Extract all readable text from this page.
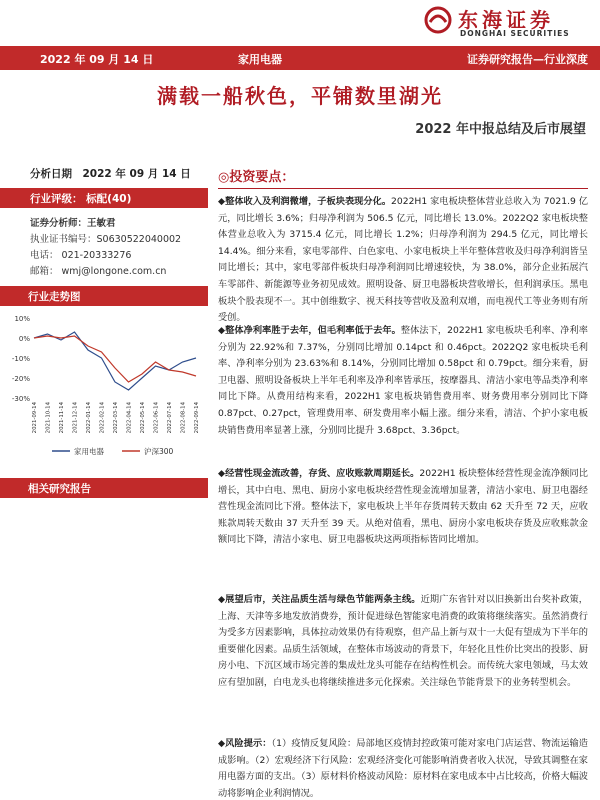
东海证券
DONGHAI SECURITIES
2022 年 09 月 14 日	家用电器	证券研究报告—行业深度
满载一船秋色，平铺数里湖光
2022 年中报总结及后市展望
分析日期　2022 年 09 月 14 日
行业评级： 标配(40)
证券分析师：王敏君
执业证书编号：S0630522040002
电话： 021-20333276
邮箱： wmj@longone.com.cn
行业走势图
10%
0%
-10%
-20%
-30%
2021-09-14 2021-10-14 2021-11-14 2021-12-14 2022-01-14 2022-02-14 2022-03-14 2022-04-14 2022-05-14 2022-06-14 2022-07-14 2022-08-14 2022-09-14
家用电器	沪深300
相关研究报告
◎投资要点：
◆整体收入及利润微增，子板块表现分化。2022H1 家电板块整体营业总收入为 7021.9 亿元，同比增长 3.6%；归母净利润为 506.5 亿元，同比增长 13.0%。2022Q2 家电板块整体营业总收入为 3715.4 亿元，同比增长 1.2%；归母净利润为 294.5 亿元，同比增长 14.4%。细分来看，家电零部件、白色家电、小家电板块上半年整体营收及归母净利润皆呈同比增长；其中，家电零部件板块归母净利润同比增速较快，为 38.0%，部分企业拓展汽车零部件、新能源等业务初见成效。照明设备、厨卫电器板块营收增长，但利润承压。黑电板块个股表现不一。其中创维数字、视天科技等营收及盈利双增，而电视代工等业务则有所受创。
◆整体净利率胜于去年，但毛利率低于去年。整体法下，2022H1 家电板块毛利率、净利率分别为 22.92%和 7.37%，分别同比增加 0.14pct 和 0.46pct。2022Q2 家电板块毛利率、净利率分别为 23.63%和 8.14%，分别同比增加 0.58pct 和 0.79pct。细分来看，厨卫电器、照明设备板块上半年毛利率及净利率皆承压，按摩器具、清洁小家电等品类净利率同比下降。从费用结构来看，2022H1 家电板块销售费用率、财务费用率分别同比下降 0.87pct、0.27pct，管理费用率、研发费用率小幅上涨。细分来看，清洁、个护小家电板块销售费用率显著上涨，分别同比提升 3.68pct、3.36pct。
◆经营性现金流改善，存货、应收账款周期延长。2022H1 板块整体经营性现金流净额同比增长，其中白电、黑电、厨房小家电板块经营性现金流增加显著，清洁小家电、厨卫电器经营性现金流同比下滑。整体法下，家电板块上半年存货周转天数由 62 天升至 72 天，应收账款周转天数由 37 天升至 39 天。从绝对值看，黑电、厨房小家电板块存货及应收账款金额同比下降，清洁小家电、厨卫电器板块这两项指标皆同比增加。
◆展望后市，关注品质生活与绿色节能两条主线。近期广东省针对以旧换新出台奖补政策，上海、天津等多地发放消费券，预计促进绿色智能家电消费的政策将继续落实。虽然消费行为受多方因素影响，具体拉动效果仍有待观察，但产品上新与双十一大促有望成为下半年的重要催化因素。品质生活领域，在整体市场波动的背景下，年轻化且性价比突出的投影、厨房小电、下沉区域市场完善的集成灶龙头可能存在结构性机会。而传统大家电领域，马太效应有望加剧，白电龙头也将继续推进多元化探索。关注绿色节能背景下的业务转型机会。
◆风险提示：（1）疫情反复风险：局部地区疫情封控政策可能对家电门店运营、物流运输造成影响。（2）宏观经济下行风险：宏观经济变化可能影响消费者收入状况，导致其调整在家用电器方面的支出。（3）原材料价格波动风险：原材料在家电成本中占比较高，价格大幅波动将影响企业利润情况。
